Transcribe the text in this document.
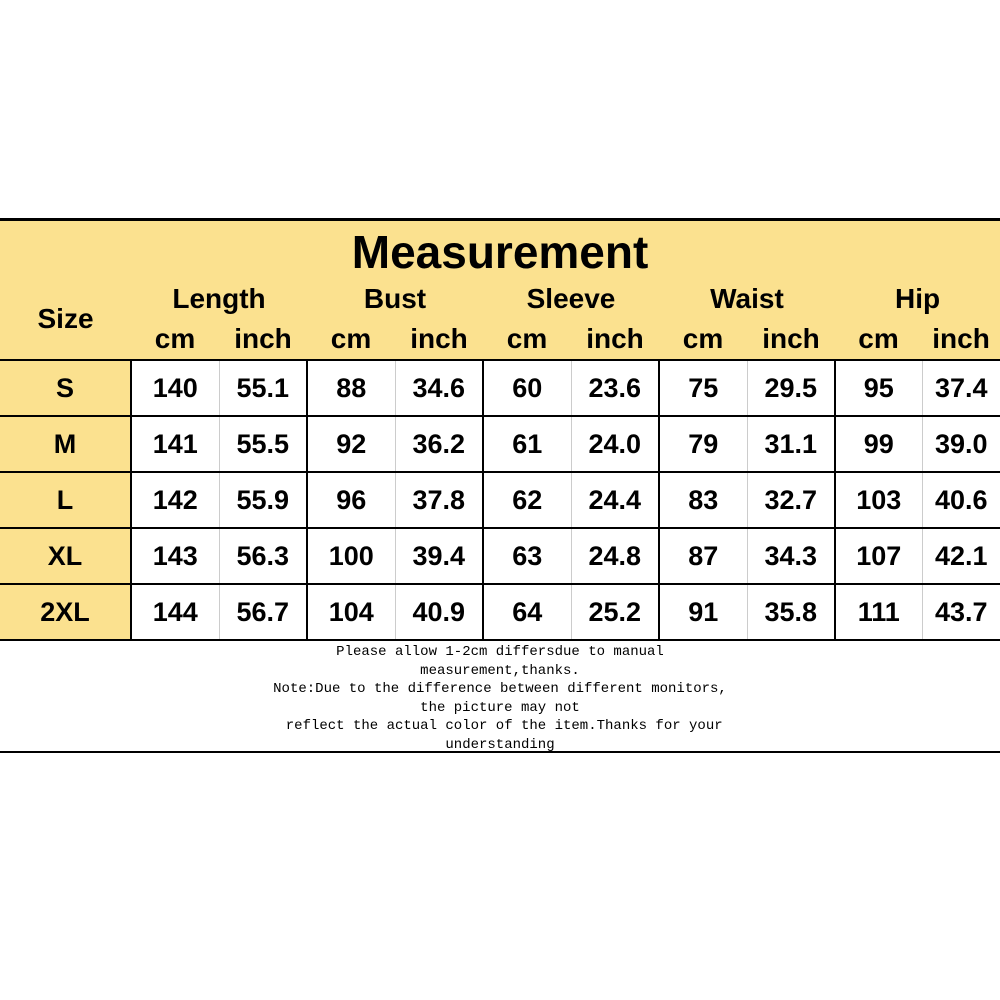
Measurement										
Size	Length		Bust		Sleeve		Waist		Hip	
	cm	inch	cm	inch	cm	inch	cm	inch	cm	inch
S	140	55.1	88	34.6	60	23.6	75	29.5	95	37.4
M	141	55.5	92	36.2	61	24.0	79	31.1	99	39.0
L	142	55.9	96	37.8	62	24.4	83	32.7	103	40.6
XL	143	56.3	100	39.4	63	24.8	87	34.3	107	42.1
2XL	144	56.7	104	40.9	64	25.2	91	35.8	111	43.7
Please allow 1-2cm differsdue to manual
measurement,thanks.
Note:Due to the difference between different monitors,
the picture may not
reflect the actual color of the item.Thanks for your
understanding
